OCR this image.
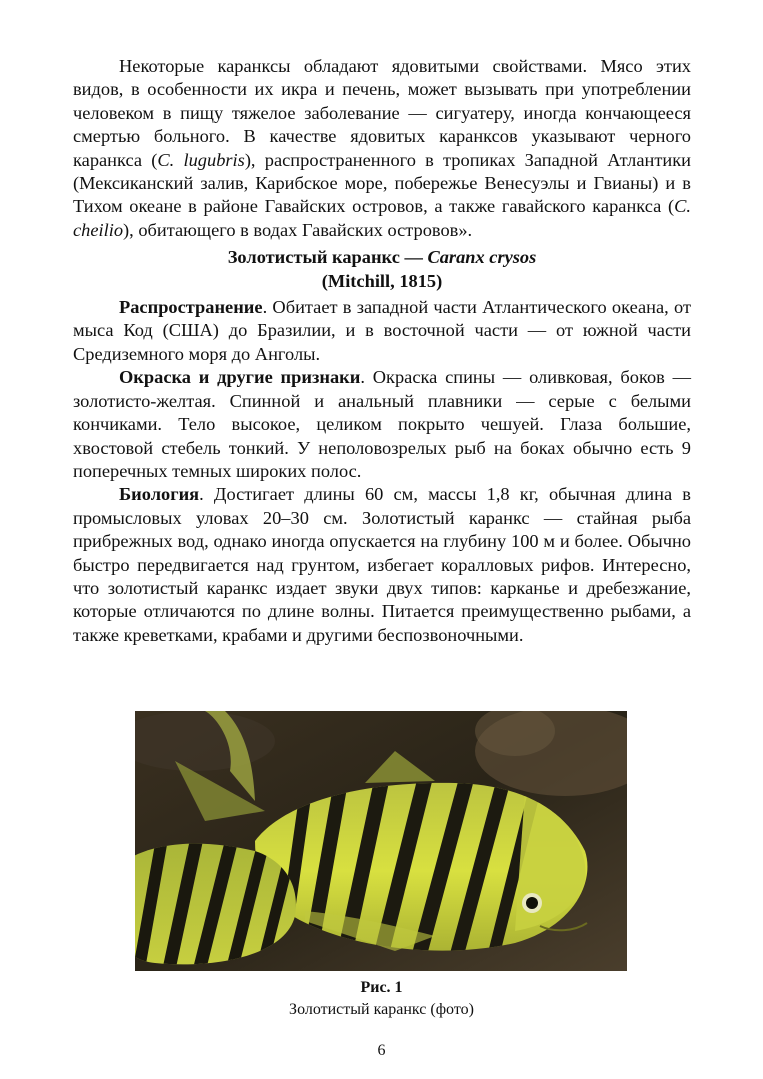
Некоторые каранксы обладают ядовитыми свойствами. Мясо этих видов, в особенности их икра и печень, может вызывать при употреблении человеком в пищу тяжелое заболевание — сигуатеру, иногда кончающееся смертью больного. В качестве ядовитых каранксов указывают черного каранкса (C. lugubris), распространенного в тропиках Западной Атлантики (Мексиканский залив, Карибское море, побережье Венесуэлы и Гвианы) и в Тихом океане в районе Гавайских островов, а также гавайского каранкса (C. cheilio), обитающего в водах Гавайских островов».

Золотистый каранкс — Caranx crysos
(Mitchill, 1815)

Распространение. Обитает в западной части Атлантического океана, от мыса Код (США) до Бразилии, и в восточной части — от южной части Средиземного моря до Анголы.

Окраска и другие признаки. Окраска спины — оливковая, боков — золотисто-желтая. Спинной и анальный плавники — серые с белыми кончиками. Тело высокое, целиком покрыто чешуей. Глаза большие, хвостовой стебель тонкий. У неполовозрелых рыб на боках обычно есть 9 поперечных темных широких полос.

Биология. Достигает длины 60 см, массы 1,8 кг, обычная длина в промысловых уловах 20–30 см. Золотистый каранкс — стайная рыба прибрежных вод, однако иногда опускается на глубину 100 м и более. Обычно быстро передвигается над грунтом, избегает коралловых рифов. Интересно, что золотистый каранкс издает звуки двух типов: карканье и дребезжание, которые отличаются по длине волны. Питается преимущественно рыбами, а также креветками, крабами и другими беспозвоночными.

Рис. 1
Золотистый каранкс (фото)
6
